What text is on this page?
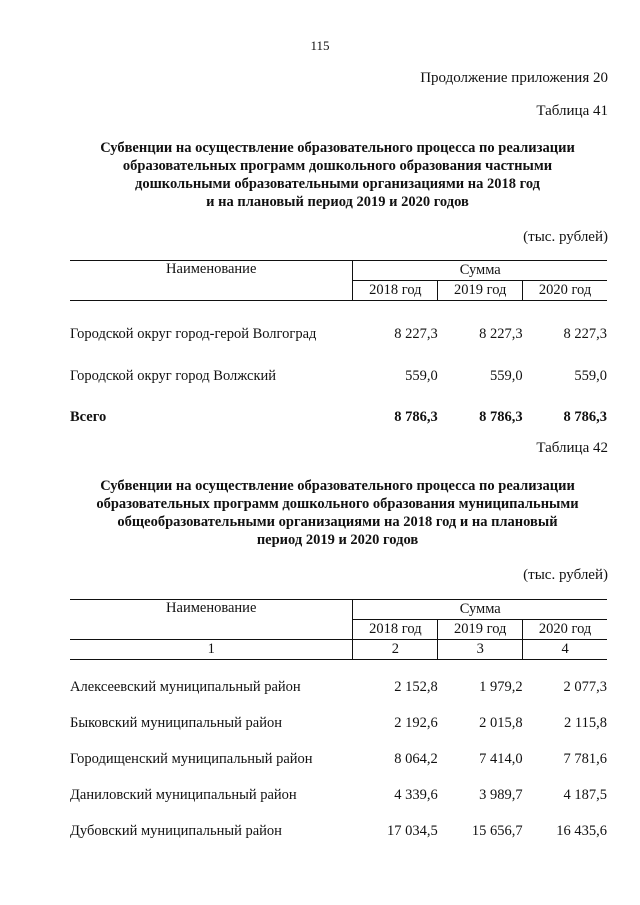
115
Продолжение приложения 20
Таблица 41
Субвенции на осуществление образовательного процесса по реализации
образовательных программ дошкольного образования частными
дошкольными образовательными организациями на 2018 год
и на плановый период 2019 и 2020 годов
(тыс. рублей)
Наименование	Сумма		
	2018 год	2019 год	2020 год

Городской округ город-герой Волгоград	8 227,3	8 227,3	8 227,3

Городской округ город Волжский	559,0	559,0	559,0

Всего	8 786,3	8 786,3	8 786,3
Таблица 42
Субвенции на осуществление образовательного процесса по реализации
образовательных программ дошкольного образования муниципальными
общеобразовательными организациями на 2018 год и на плановый
период 2019 и 2020 годов
(тыс. рублей)
Наименование	Сумма		
	2018 год	2019 год	2020 год
1	2	3	4

Алексеевский муниципальный район	2 152,8	1 979,2	2 077,3

Быковский муниципальный район	2 192,6	2 015,8	2 115,8

Городищенский муниципальный район	8 064,2	7 414,0	7 781,6

Даниловский муниципальный район	4 339,6	3 989,7	4 187,5

Дубовский муниципальный район	17 034,5	15 656,7	16 435,6
